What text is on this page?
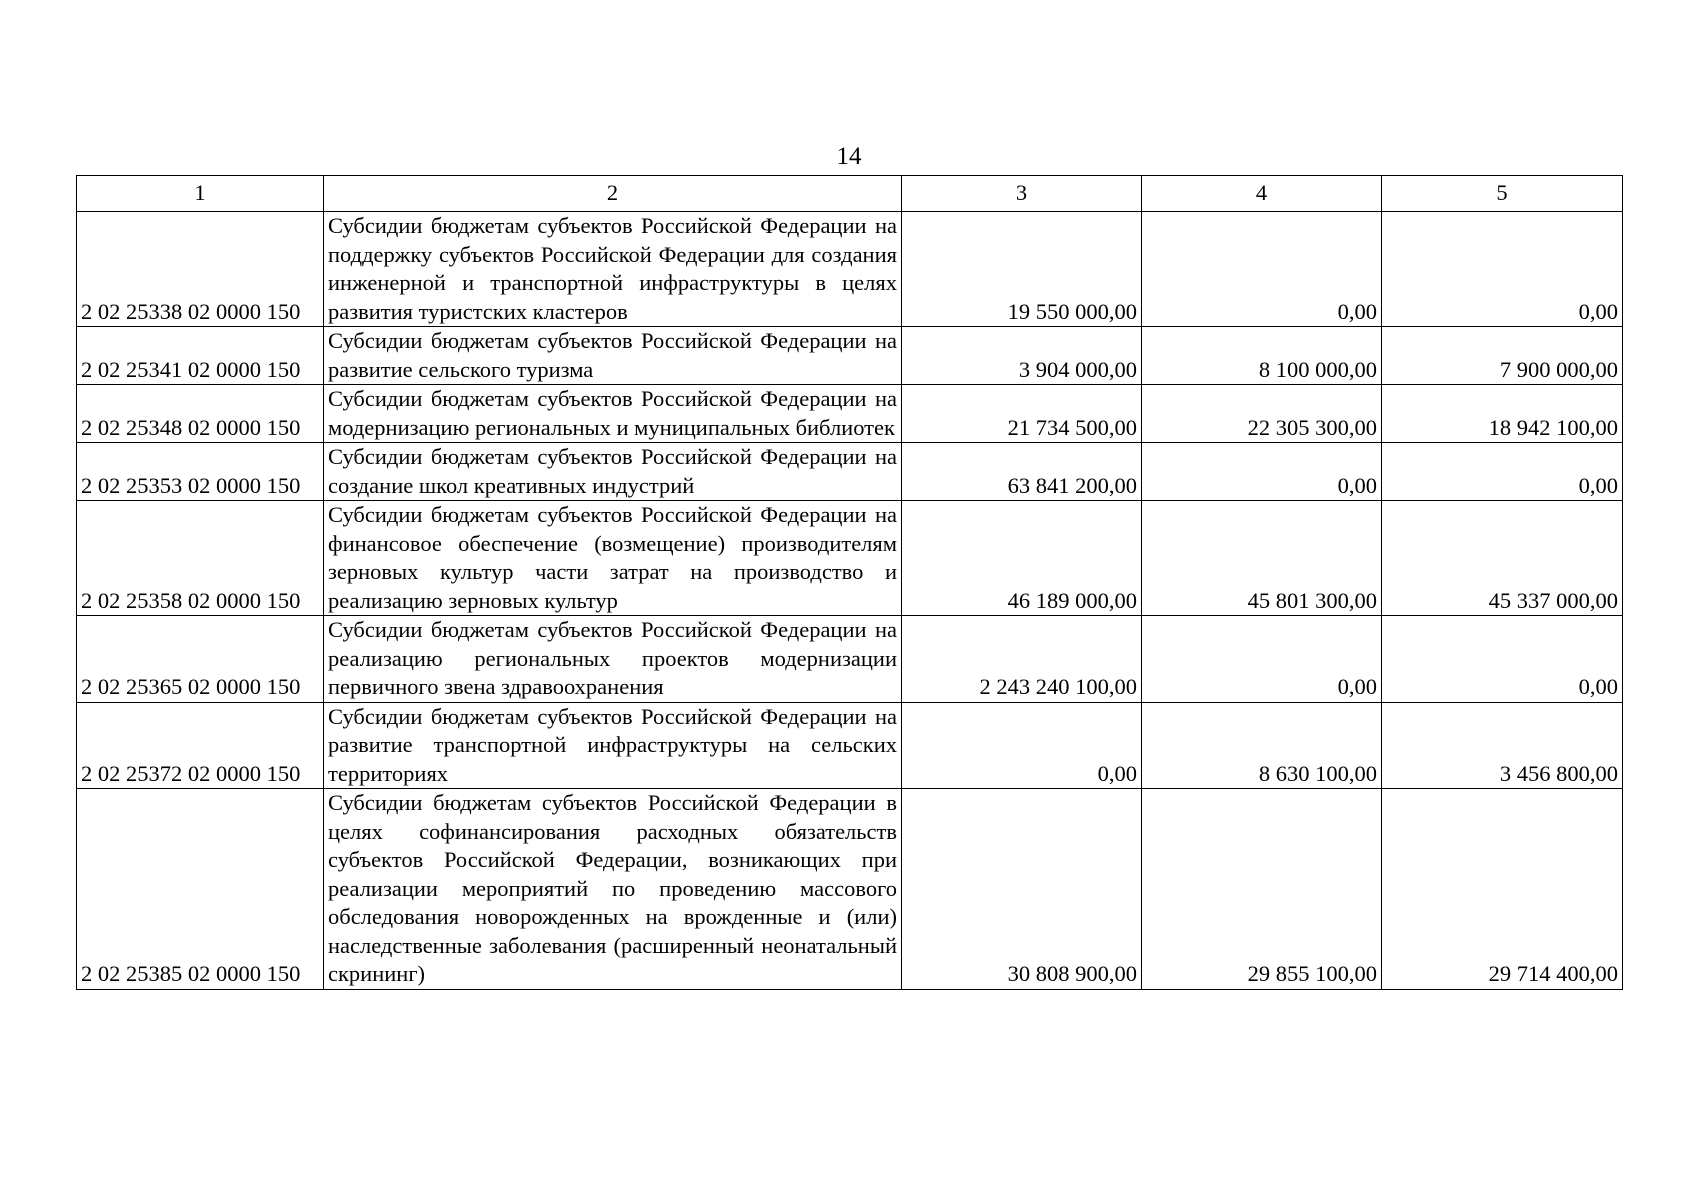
14
1	2	3	4	5
2 02 25338 02 0000 150	Субсидии бюджетам субъектов Российской Федерации на поддержку субъектов Российской Федерации для создания инженерной и транспортной инфраструктуры в целях развития туристских кластеров	19 550 000,00	0,00	0,00
2 02 25341 02 0000 150	Субсидии бюджетам субъектов Российской Федерации на развитие сельского туризма	3 904 000,00	8 100 000,00	7 900 000,00
2 02 25348 02 0000 150	Субсидии бюджетам субъектов Российской Федерации на модернизацию региональных и муниципальных библиотек	21 734 500,00	22 305 300,00	18 942 100,00
2 02 25353 02 0000 150	Субсидии бюджетам субъектов Российской Федерации на создание школ креативных индустрий	63 841 200,00	0,00	0,00
2 02 25358 02 0000 150	Субсидии бюджетам субъектов Российской Федерации на финансовое обеспечение (возмещение) производителям зерновых культур части затрат на производство и реализацию зерновых культур	46 189 000,00	45 801 300,00	45 337 000,00
2 02 25365 02 0000 150	Субсидии бюджетам субъектов Российской Федерации на реализацию региональных проектов модернизации первичного звена здравоохранения	2 243 240 100,00	0,00	0,00
2 02 25372 02 0000 150	Субсидии бюджетам субъектов Российской Федерации на развитие транспортной инфраструктуры на сельских территориях	0,00	8 630 100,00	3 456 800,00
2 02 25385 02 0000 150	Субсидии бюджетам субъектов Российской Федерации в целях софинансирования расходных обязательств субъектов Российской Федерации, возникающих при реализации мероприятий по проведению массового обследования новорожденных на врожденные и (или) наследственные заболевания (расширенный неонатальный скрининг)	30 808 900,00	29 855 100,00	29 714 400,00
